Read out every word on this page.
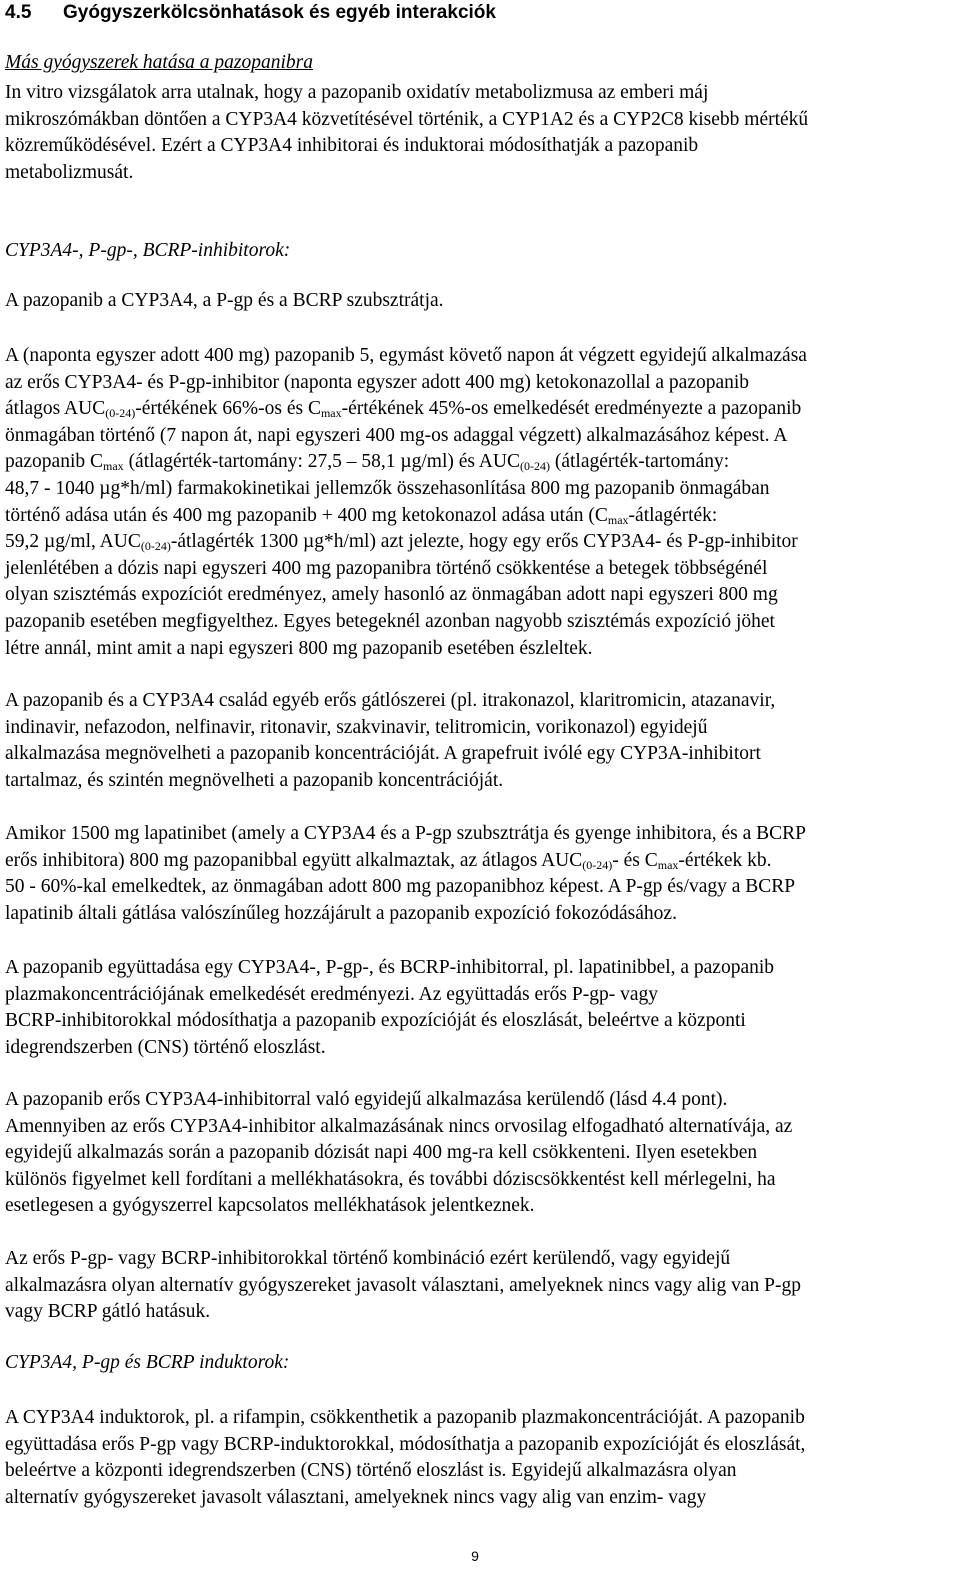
4.5 Gyógyszerkölcsönhatások és egyéb interakciók
Más gyógyszerek hatása a pazopanibra
In vitro vizsgálatok arra utalnak, hogy a pazopanib oxidatív metabolizmusa az emberi máj
mikroszómákban döntően a CYP3A4 közvetítésével történik, a CYP1A2 és a CYP2C8 kisebb mértékű
közreműködésével. Ezért a CYP3A4 inhibitorai és induktorai módosíthatják a pazopanib
metabolizmusát.
CYP3A4-, P-gp-, BCRP-inhibitorok:
A pazopanib a CYP3A4, a P-gp és a BCRP szubsztrátja.
A (naponta egyszer adott 400 mg) pazopanib 5, egymást követő napon át végzett egyidejű alkalmazása
az erős CYP3A4- és P-gp-inhibitor (naponta egyszer adott 400 mg) ketokonazollal a pazopanib
átlagos $AUC_{(0-24)}$-értékének 66%-os és $C_{max}$-értékének 45%-os emelkedését eredményezte a pazopanib
önmagában történő (7 napon át, napi egyszeri 400 mg-os adaggal végzett) alkalmazásához képest. A
pazopanib $C_{max}$ (átlagérték-tartomány: 27,5 – 58,1 µg/ml) és $AUC_{(0-24)}$ (átlagérték-tartomány:
48,7 - 1040 µg*h/ml) farmakokinetikai jellemzők összehasonlítása 800 mg pazopanib önmagában
történő adása után és 400 mg pazopanib + 400 mg ketokonazol adása után ($C_{max}$-átlagérték:
59,2 µg/ml, $AUC_{(0-24)}$-átlagérték 1300 µg*h/ml) azt jelezte, hogy egy erős CYP3A4- és P-gp-inhibitor
jelenlétében a dózis napi egyszeri 400 mg pazopanibra történő csökkentése a betegek többségénél
olyan szisztémás expozíciót eredményez, amely hasonló az önmagában adott napi egyszeri 800 mg
pazopanib esetében megfigyelthez. Egyes betegeknél azonban nagyobb szisztémás expozíció jöhet
létre annál, mint amit a napi egyszeri 800 mg pazopanib esetében észleltek.
A pazopanib és a CYP3A4 család egyéb erős gátlószerei (pl. itrakonazol, klaritromicin, atazanavir,
indinavir, nefazodon, nelfinavir, ritonavir, szakvinavir, telitromicin, vorikonazol) egyidejű
alkalmazása megnövelheti a pazopanib koncentrációját. A grapefruit ivólé egy CYP3A-inhibitort
tartalmaz, és szintén megnövelheti a pazopanib koncentrációját.
Amikor 1500 mg lapatinibet (amely a CYP3A4 és a P-gp szubsztrátja és gyenge inhibitora, és a BCRP
erős inhibitora) 800 mg pazopanibbal együtt alkalmaztak, az átlagos $AUC_{(0-24)}-$ és $C_{max}$-értékek kb.
50 - 60%-kal emelkedtek, az önmagában adott 800 mg pazopanibhoz képest. A P-gp és/vagy a BCRP
lapatinib általi gátlása valószínűleg hozzájárult a pazopanib expozíció fokozódásához.
A pazopanib együttadása egy CYP3A4-, P-gp-, és BCRP-inhibitorral, pl. lapatinibbel, a pazopanib
plazmakoncentrációjának emelkedését eredményezi. Az együttadás erős P-gp- vagy
BCRP-inhibitorokkal módosíthatja a pazopanib expozícióját és eloszlását, beleértve a központi
idegrendszerben (CNS) történő eloszlást.
A pazopanib erős CYP3A4-inhibitorral való egyidejű alkalmazása kerülendő (lásd 4.4 pont).
Amennyiben az erős CYP3A4-inhibitor alkalmazásának nincs orvosilag elfogadható alternatívája, az
egyidejű alkalmazás során a pazopanib dózisát napi 400 mg-ra kell csökkenteni. Ilyen esetekben
különös figyelmet kell fordítani a mellékhatásokra, és további dóziscsökkentést kell mérlegelni, ha
esetlegesen a gyógyszerrel kapcsolatos mellékhatások jelentkeznek.
Az erős P-gp- vagy BCRP-inhibitorokkal történő kombináció ezért kerülendő, vagy egyidejű
alkalmazásra olyan alternatív gyógyszereket javasolt választani, amelyeknek nincs vagy alig van P-gp
vagy BCRP gátló hatásuk.
CYP3A4, P-gp és BCRP induktorok:
A CYP3A4 induktorok, pl. a rifampin, csökkenthetik a pazopanib plazmakoncentrációját. A pazopanib
együttadása erős P-gp vagy BCRP-induktorokkal, módosíthatja a pazopanib expozícióját és eloszlását,
beleértve a központi idegrendszerben (CNS) történő eloszlást is. Egyidejű alkalmazásra olyan
alternatív gyógyszereket javasolt választani, amelyeknek nincs vagy alig van enzim- vagy
9
